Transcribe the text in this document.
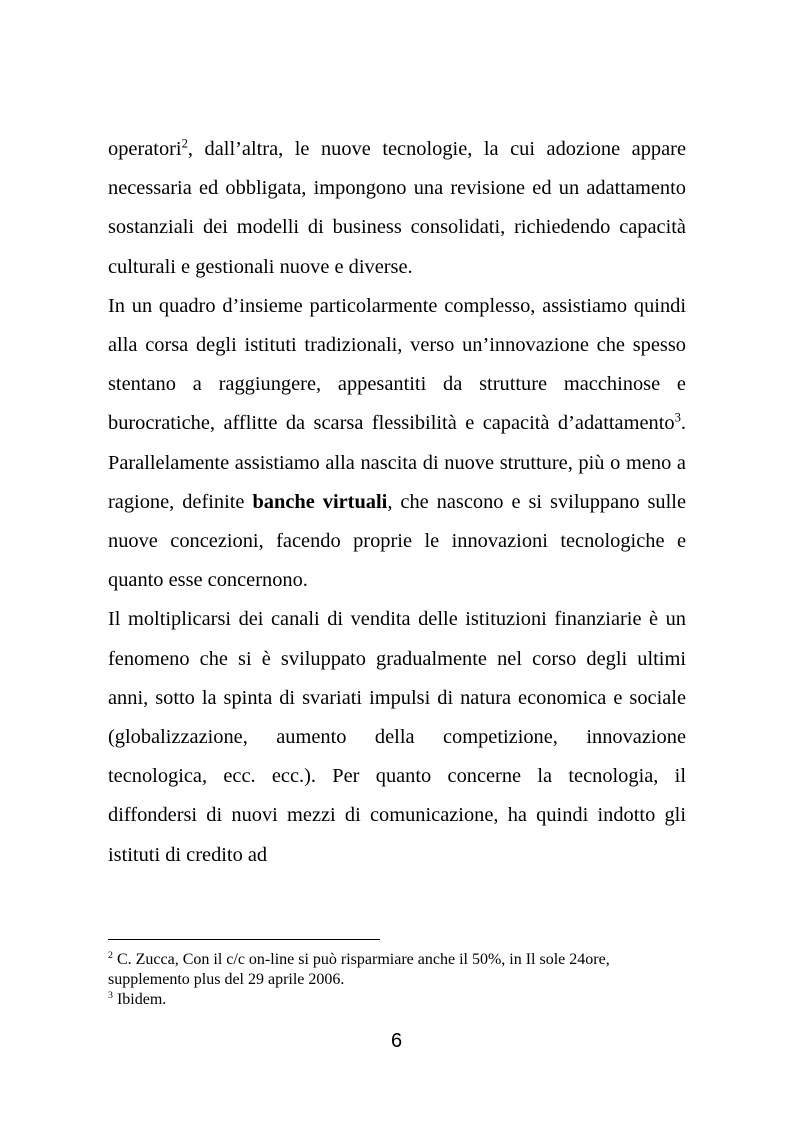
operatori$^2$, dall’altra, le nuove tecnologie, la cui adozione appare necessaria ed obbligata, impongono una revisione ed un adattamento sostanziali dei modelli di business consolidati, richiedendo capacità culturali e gestionali nuove e diverse.

In un quadro d’insieme particolarmente complesso, assistiamo quindi alla corsa degli istituti tradizionali, verso un’innovazione che spesso stentano a raggiungere, appesantiti da strutture macchinose e burocratiche, afflitte da scarsa flessibilità e capacità d’adattamento$^3$. Parallelamente assistiamo alla nascita di nuove strutture, più o meno a ragione, definite banche virtuali, che nascono e si sviluppano sulle nuove concezioni, facendo proprie le innovazioni tecnologiche e quanto esse concernono.

Il moltiplicarsi dei canali di vendita delle istituzioni finanziarie è un fenomeno che si è sviluppato gradualmente nel corso degli ultimi anni, sotto la spinta di svariati impulsi di natura economica e sociale (globalizzazione, aumento della competizione, innovazione tecnologica, ecc. ecc.). Per quanto concerne la tecnologia, il diffondersi di nuovi mezzi di comunicazione, ha quindi indotto gli istituti di credito ad

$^2$ C. Zucca, Con il c/c on-line si può risparmiare anche il 50%, in Il sole 24ore, supplemento plus del 29 aprile 2006.

$^3$ Ibidem.

6
